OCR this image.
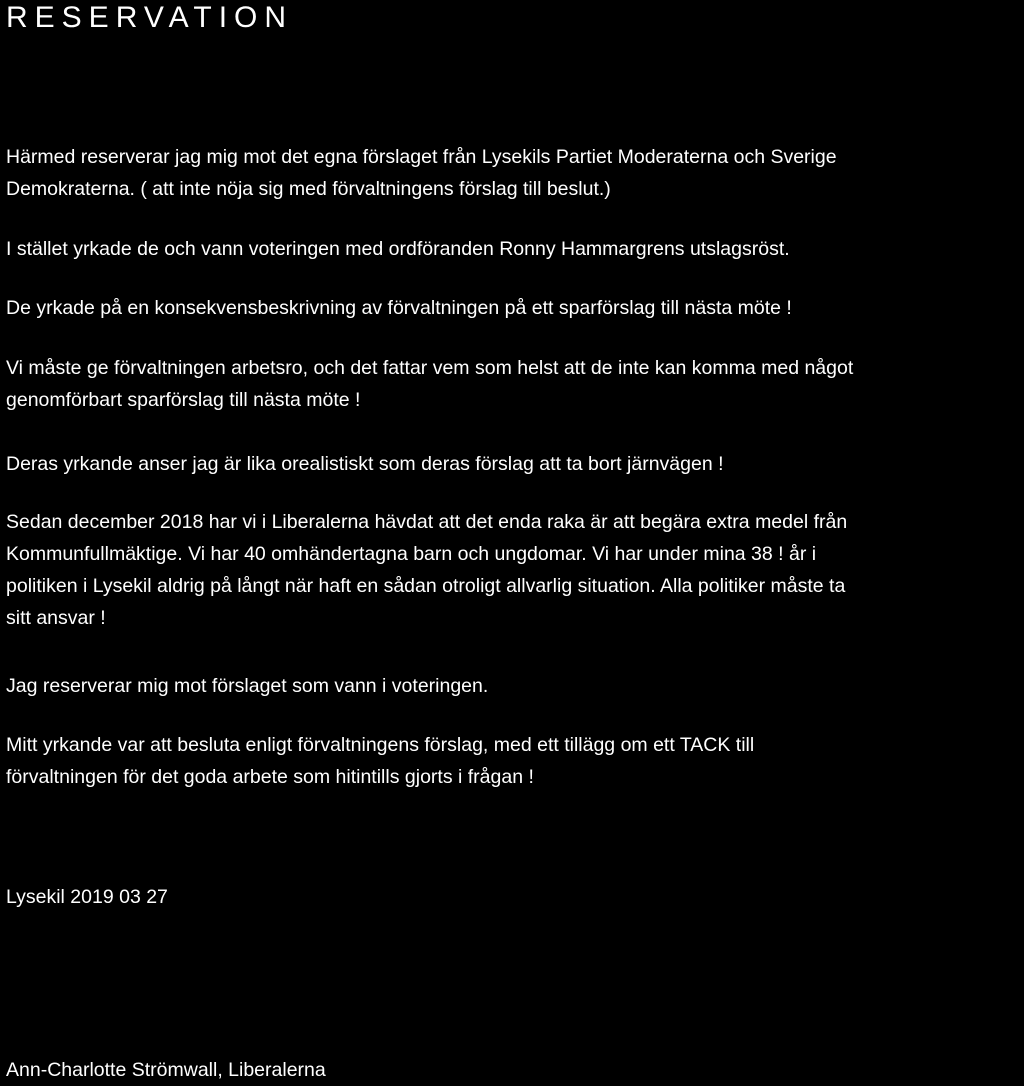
RESERVATION
Härmed reserverar jag mig mot det egna förslaget från Lysekils Partiet Moderaterna och Sverige
Demokraterna. ( att inte nöja sig med förvaltningens förslag till beslut.)
I stället yrkade de och vann voteringen med ordföranden Ronny Hammargrens utslagsröst.
De yrkade på en konsekvensbeskrivning av förvaltningen på ett sparförslag till nästa möte !
Vi måste ge förvaltningen arbetsro, och det fattar vem som helst att de inte kan komma med något
genomförbart sparförslag till nästa möte !
Deras yrkande anser jag är lika orealistiskt som deras förslag att ta bort järnvägen !
Sedan december 2018 har vi i Liberalerna hävdat att det enda raka är att begära extra medel från
Kommunfullmäktige. Vi har 40 omhändertagna barn och ungdomar. Vi har under mina 38 ! år i
politiken i Lysekil aldrig på långt när haft en sådan otroligt allvarlig situation. Alla politiker måste ta
sitt ansvar !
Jag reserverar mig mot förslaget som vann i voteringen.
Mitt yrkande var att besluta enligt förvaltningens förslag, med ett tillägg om ett TACK till
förvaltningen för det goda arbete som hitintills gjorts i frågan !
Lysekil 2019 03 27
Ann-Charlotte Strömwall, Liberalerna
